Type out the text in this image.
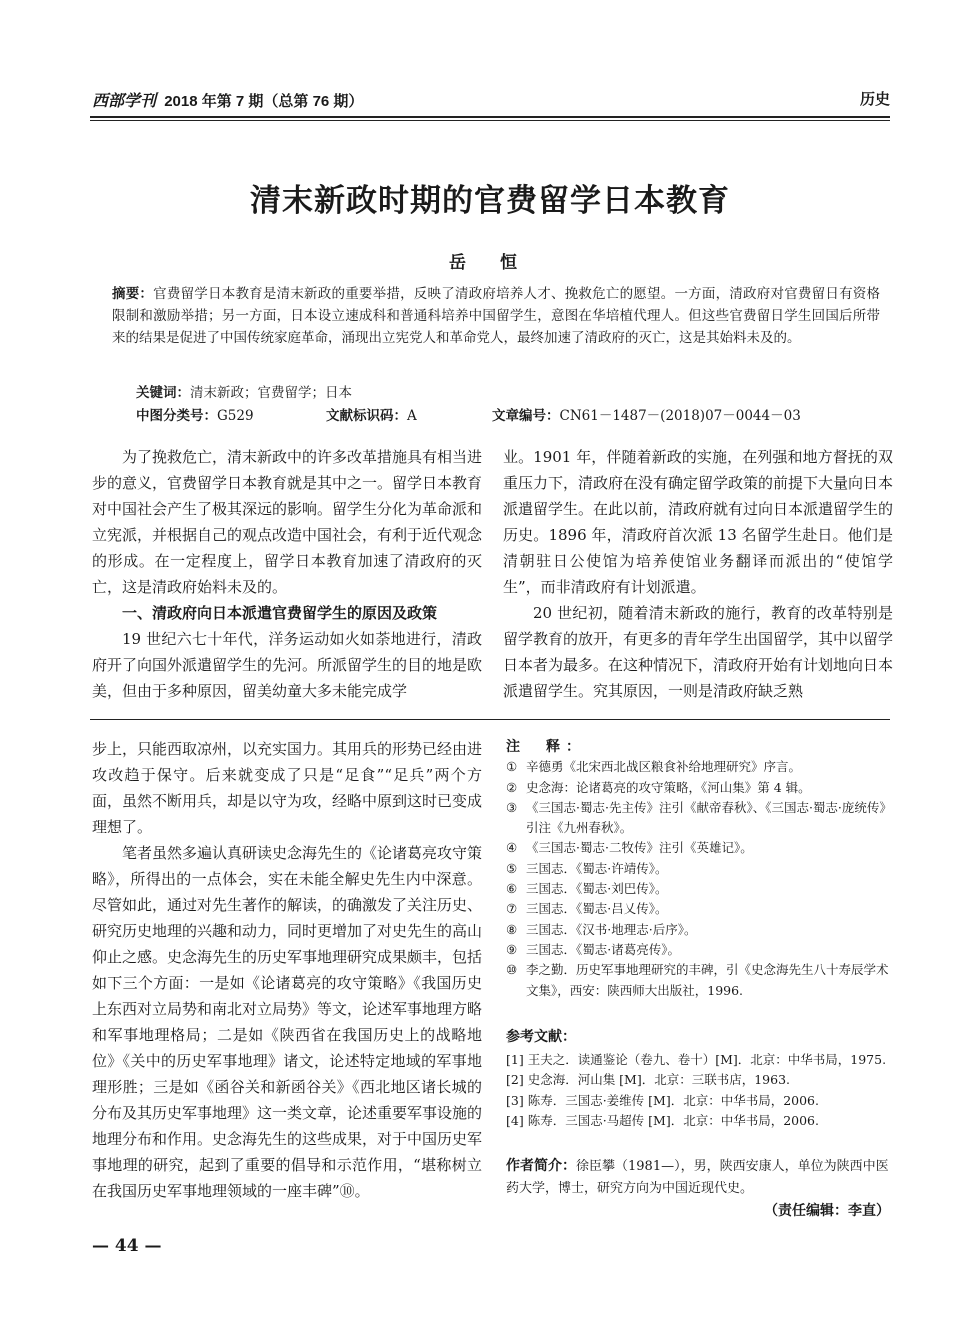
西部学刊 2018 年第 7 期（总第 76 期）	历史
清末新政时期的官费留学日本教育
岳 恒
摘要：官费留学日本教育是清末新政的重要举措，反映了清政府培养人才、挽救危亡的愿望。一方面，清政府对官费留日有资格限制和激励举措；另一方面，日本设立速成科和普通科培养中国留学生，意图在华培植代理人。但这些官费留日学生回国后所带来的结果是促进了中国传统家庭革命，涌现出立宪党人和革命党人，最终加速了清政府的灭亡，这是其始料未及的。
关键词：清末新政；官费留学；日本
中图分类号：G529	文献标识码：A	文章编号：CN61－1487－(2018)07－0044－03

为了挽救危亡，清末新政中的许多改革措施具有相当进步的意义，官费留学日本教育就是其中之一。留学日本教育对中国社会产生了极其深远的影响。留学生分化为革命派和立宪派，并根据自己的观点改造中国社会，有利于近代观念的形成。在一定程度上，留学日本教育加速了清政府的灭亡，这是清政府始料未及的。

一、清政府向日本派遣官费留学生的原因及政策

19 世纪六七十年代，洋务运动如火如荼地进行，清政府开了向国外派遣留学生的先河。所派留学生的目的地是欧美，但由于多种原因，留美幼童大多未能完成学

业。1901 年，伴随着新政的实施，在列强和地方督抚的双重压力下，清政府在没有确定留学政策的前提下大量向日本派遣留学生。在此以前，清政府就有过向日本派遣留学生的历史。1896 年，清政府首次派 13 名留学生赴日。他们是清朝驻日公使馆为培养使馆业务翻译而派出的“使馆学生”，而非清政府有计划派遣。

20 世纪初，随着清末新政的施行，教育的改革特别是留学教育的放开，有更多的青年学生出国留学，其中以留学日本者为最多。在这种情况下，清政府开始有计划地向日本派遣留学生。究其原因，一则是清政府缺乏熟

步上，只能西取凉州，以充实国力。其用兵的形势已经由进攻改趋于保守。后来就变成了只是“足食”“足兵”两个方面，虽然不断用兵，却是以守为攻，经略中原到这时已变成理想了。

笔者虽然多遍认真研读史念海先生的《论诸葛亮攻守策略》，所得出的一点体会，实在未能全解史先生内中深意。尽管如此，通过对先生著作的解读，的确激发了关注历史、研究历史地理的兴趣和动力，同时更增加了对史先生的高山仰止之感。史念海先生的历史军事地理研究成果颇丰，包括如下三个方面：一是如《论诸葛亮的攻守策略》《我国历史上东西对立局势和南北对立局势》等文，论述军事地理方略和军事地理格局；二是如《陕西省在我国历史上的战略地位》《关中的历史军事地理》诸文，论述特定地域的军事地理形胜；三是如《函谷关和新函谷关》《西北地区诸长城的分布及其历史军事地理》这一类文章，论述重要军事设施的地理分布和作用。史念海先生的这些成果，对于中国历史军事地理的研究，起到了重要的倡导和示范作用，“堪称树立在我国历史军事地理领域的一座丰碑”⑩。

注　释：
① 辛德勇《北宋西北战区粮食补给地理研究》序言。
② 史念海：论诸葛亮的攻守策略，《河山集》第 4 辑。
③ 《三国志·蜀志·先主传》注引《献帝春秋》、《三国志·蜀志·庞统传》引注《九州春秋》。
④ 《三国志·蜀志·二牧传》注引《英雄记》。
⑤ 三国志．《蜀志·许靖传》。
⑥ 三国志．《蜀志·刘巴传》。
⑦ 三国志．《蜀志·吕乂传》。
⑧ 三国志．《汉书·地理志·后序》。
⑨ 三国志．《蜀志·诸葛亮传》。
⑩ 李之勤．历史军事地理研究的丰碑，引《史念海先生八十寿辰学术文集》，西安：陕西师大出版社，1996.
参考文献：
[1] 王夫之．读通鉴论（卷九、卷十）[M]．北京：中华书局，1975.
[2] 史念海．河山集 [M]．北京：三联书店，1963.
[3] 陈寿．三国志·姜维传 [M]．北京：中华书局，2006.
[4] 陈寿．三国志·马超传 [M]．北京：中华书局，2006.
作者简介：徐臣攀（1981—），男，陕西安康人，单位为陕西中医药大学，博士，研究方向为中国近现代史。
（责任编辑：李直）
— 44 —
